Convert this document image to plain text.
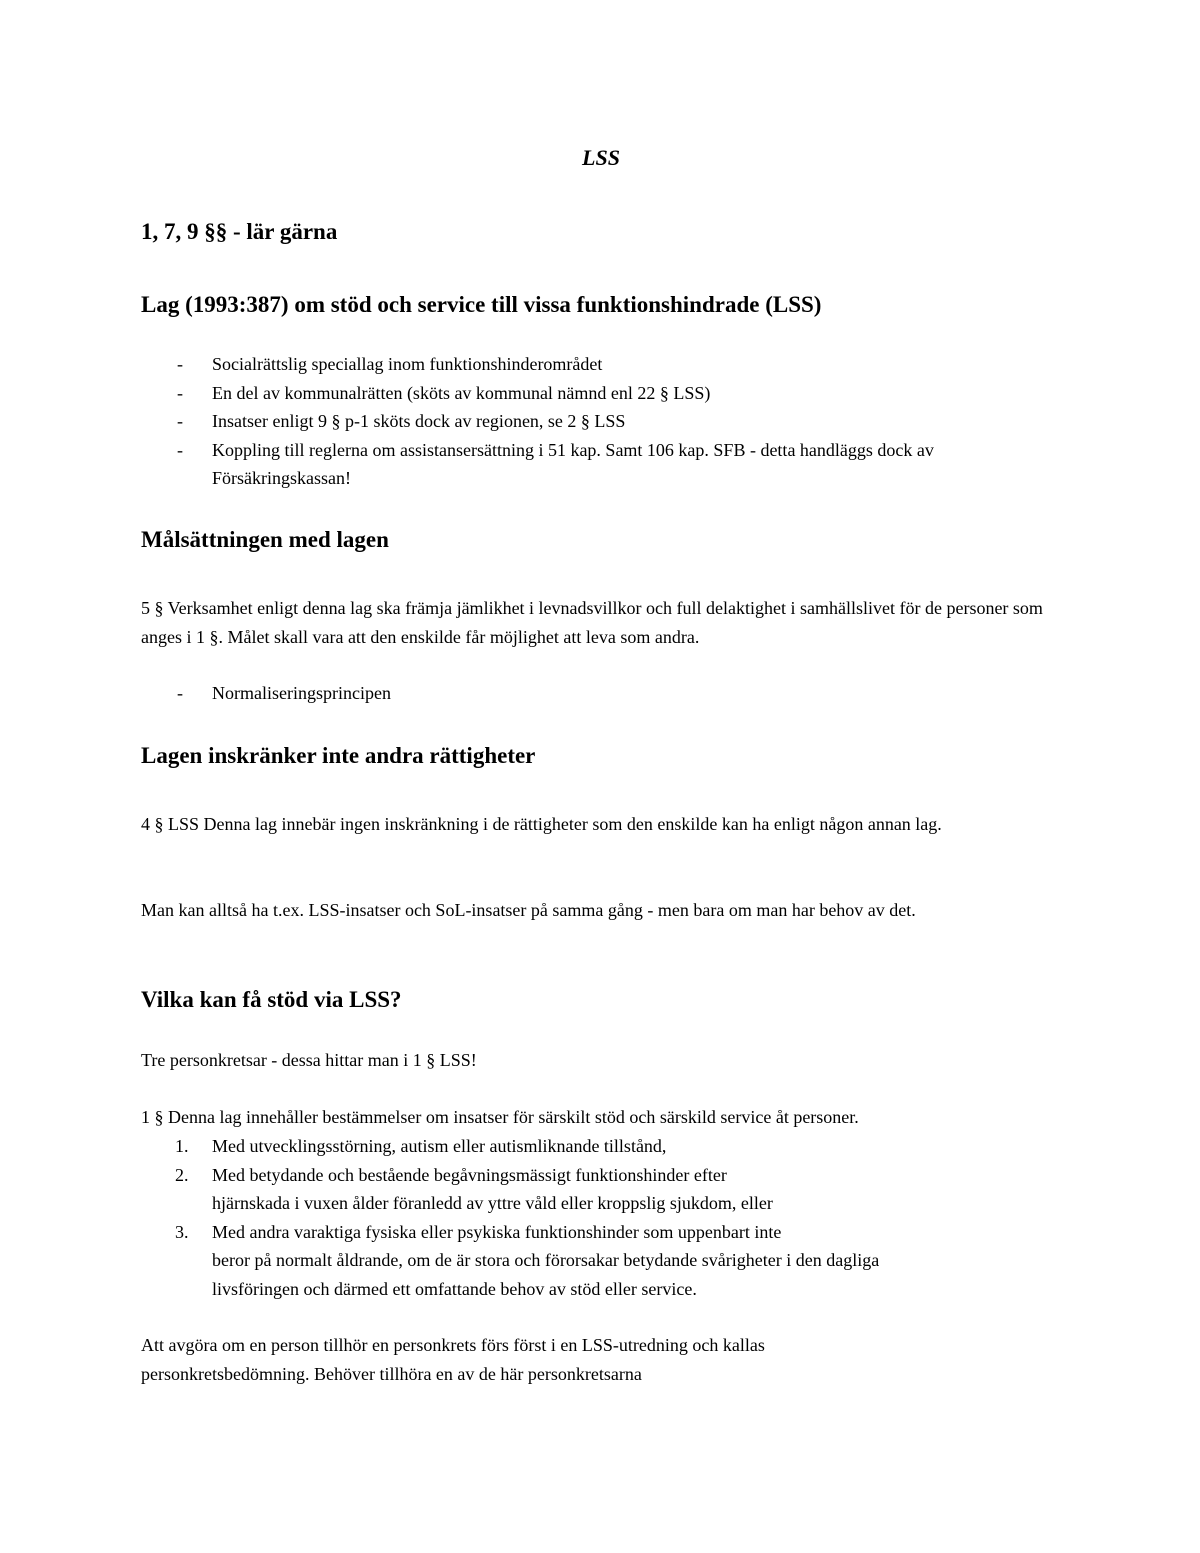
LSS
1, 7, 9 §§ - lär gärna
Lag (1993:387) om stöd och service till vissa funktionshindrade (LSS)
- Socialrättslig speciallag inom funktionshinderområdet
- En del av kommunalrätten (sköts av kommunal nämnd enl 22 § LSS)
- Insatser enligt 9 § p-1 sköts dock av regionen, se 2 § LSS
- Koppling till reglerna om assistansersättning i 51 kap. Samt 106 kap. SFB - detta handläggs dock av Försäkringskassan!
Målsättningen med lagen

5 § Verksamhet enligt denna lag ska främja jämlikhet i levnadsvillkor och full delaktighet i samhällslivet för de personer som anges i 1 §. Målet skall vara att den enskilde får möjlighet att leva som andra.

- Normaliseringsprincipen
Lagen inskränker inte andra rättigheter

4 § LSS Denna lag innebär ingen inskränkning i de rättigheter som den enskilde kan ha enligt någon annan lag.

Man kan alltså ha t.ex. LSS-insatser och SoL-insatser på samma gång - men bara om man har behov av det.

Vilka kan få stöd via LSS?

Tre personkretsar - dessa hittar man i 1 § LSS!

1 § Denna lag innehåller bestämmelser om insatser för särskilt stöd och särskild service åt personer.

1. Med utvecklingsstörning, autism eller autismliknande tillstånd,
2. Med betydande och bestående begåvningsmässigt funktionshinder efter
hjärnskada i vuxen ålder föranledd av yttre våld eller kroppslig sjukdom, eller
3. Med andra varaktiga fysiska eller psykiska funktionshinder som uppenbart inte
beror på normalt åldrande, om de är stora och förorsakar betydande svårigheter i den dagliga
livsföringen och därmed ett omfattande behov av stöd eller service.

Att avgöra om en person tillhör en personkrets förs först i en LSS-utredning och kallas personkretsbedömning. Behöver tillhöra en av de här personkretsarna
